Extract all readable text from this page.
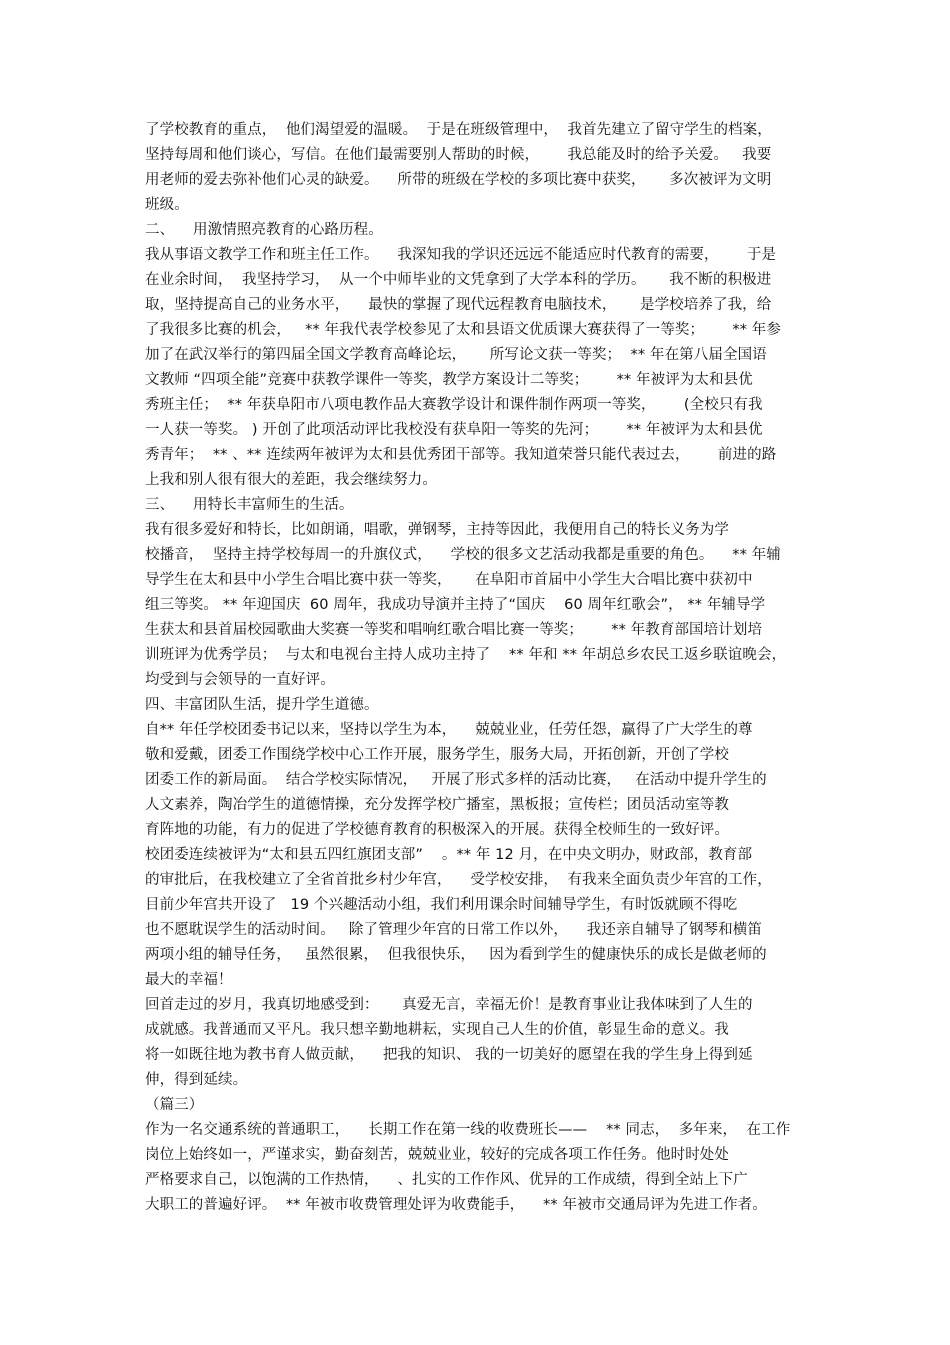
了学校教育的重点，  他们渴望爱的温暖。  于是在班级管理中，  我首先建立了留守学生的档案，
坚持每周和他们谈心，写信。在他们最需要别人帮助的时候，      我总能及时的给予关爱。   我要
用老师的爱去弥补他们心灵的缺爱。    所带的班级在学校的多项比赛中获奖，     多次被评为文明
班级。
二、    用激情照亮教育的心路历程。
我从事语文教学工作和班主任工作。    我深知我的学识还远远不能适应时代教育的需要，      于是
在业余时间，  我坚持学习，  从一个中师毕业的文凭拿到了大学本科的学历。     我不断的积极进
取，坚持提高自己的业务水平，    最快的掌握了现代远程教育电脑技术，     是学校培养了我，给
了我很多比赛的机会，   ** 年我代表学校参见了太和县语文优质课大赛获得了一等奖；      ** 年参
加了在武汉举行的第四届全国文学教育高峰论坛，     所写论文获一等奖；  ** 年在第八届全国语
文教师 “四项全能”竞赛中获教学课件一等奖，教学方案设计二等奖；      ** 年被评为太和县优
秀班主任；  ** 年获阜阳市八项电教作品大赛教学设计和课件制作两项一等奖，      (全校只有我
一人获一等奖。 ) 开创了此项活动评比我校没有获阜阳一等奖的先河；      ** 年被评为太和县优
秀青年；  ** 、** 连续两年被评为太和县优秀团干部等。我知道荣誉只能代表过去，      前进的路
上我和别人很有很大的差距，我会继续努力。
三、    用特长丰富师生的生活。
我有很多爱好和特长，比如朗诵，唱歌，弹钢琴，主持等因此，我便用自己的特长义务为学
校播音，  坚持主持学校每周一的升旗仪式，    学校的很多文艺活动我都是重要的角色。    ** 年辅
导学生在太和县中小学生合唱比赛中获一等奖，     在阜阳市首届中小学生大合唱比赛中获初中
组三等奖。 ** 年迎国庆  60 周年，我成功导演并主持了“国庆    60 周年红歌会”， ** 年辅导学
生获太和县首届校园歌曲大奖赛一等奖和唱响红歌合唱比赛一等奖；      ** 年教育部国培计划培
训班评为优秀学员；  与太和电视台主持人成功主持了    ** 年和 ** 年胡总乡农民工返乡联谊晚会，
均受到与会领导的一直好评。
四、丰富团队生活，提升学生道德。
自** 年任学校团委书记以来，坚持以学生为本，    兢兢业业，任劳任怨，赢得了广大学生的尊
敬和爱戴，团委工作围绕学校中心工作开展，服务学生，服务大局，开拓创新，开创了学校
团委工作的新局面。  结合学校实际情况，   开展了形式多样的活动比赛，   在活动中提升学生的
人文素养，陶冶学生的道德情操，充分发挥学校广播室，黑板报；宣传栏；团员活动室等教
育阵地的功能，有力的促进了学校德育教育的积极深入的开展。获得全校师生的一致好评。
校团委连续被评为“太和县五四红旗团支部”    。** 年 12 月，在中央文明办，财政部，教育部
的审批后，在我校建立了全省首批乡村少年宫，    受学校安排，  有我来全面负责少年宫的工作，
目前少年宫共开设了   19 个兴趣活动小组，我们利用课余时间辅导学生，有时饭就顾不得吃
也不愿耽误学生的活动时间。   除了管理少年宫的日常工作以外，    我还亲自辅导了钢琴和横笛
两项小组的辅导任务，   虽然很累，  但我很快乐，   因为看到学生的健康快乐的成长是做老师的
最大的幸福！
回首走过的岁月，我真切地感受到：     真爱无言，幸福无价！是教育事业让我体味到了人生的
成就感。我普通而又平凡。我只想辛勤地耕耘，实现自己人生的价值，彰显生命的意义。我
将一如既往地为教书育人做贡献，    把我的知识、 我的一切美好的愿望在我的学生身上得到延
伸，得到延续。
（篇三）
作为一名交通系统的普通职工，    长期工作在第一线的收费班长——    ** 同志，  多年来，  在工作
岗位上始终如一，严谨求实，勤奋刻苦，兢兢业业，较好的完成各项工作任务。他时时处处
严格要求自己，以饱满的工作热情，    、扎实的工作作风、优异的工作成绩，得到全站上下广
大职工的普遍好评。  ** 年被市收费管理处评为收费能手，    ** 年被市交通局评为先进工作者。
